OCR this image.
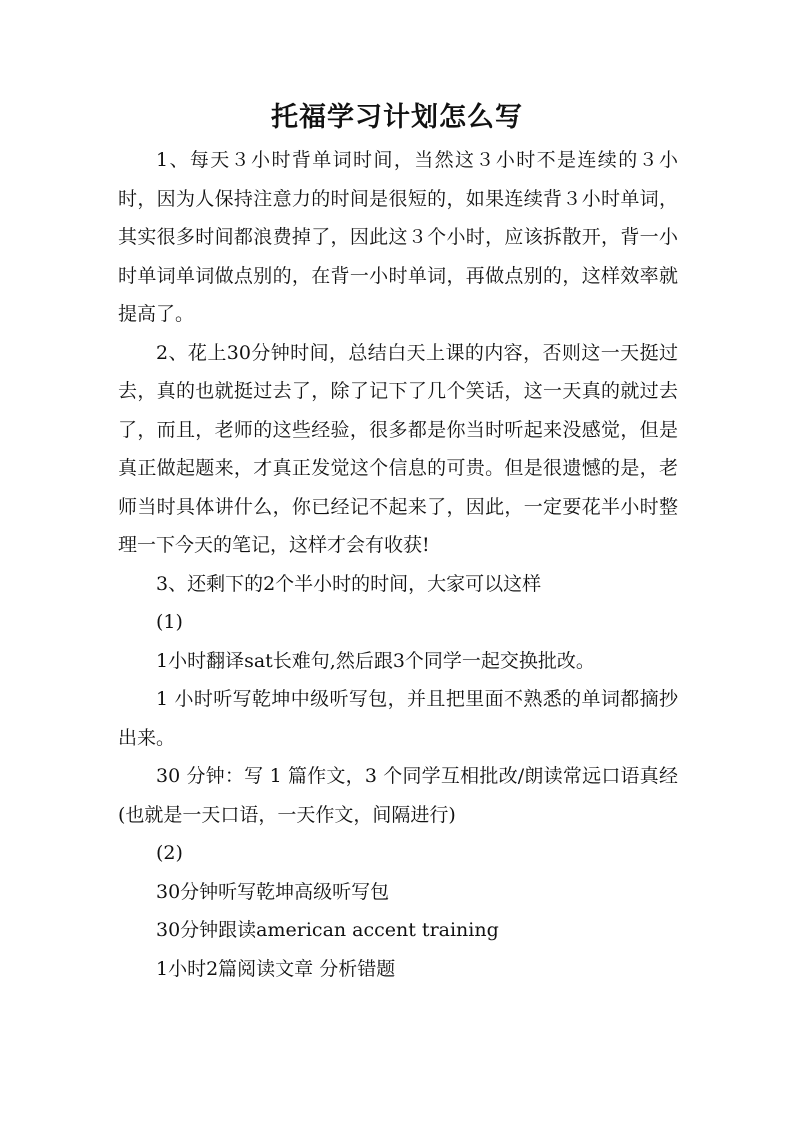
托福学习计划怎么写

1、每天３小时背单词时间，当然这３小时不是连续的３小时，因为人保持注意力的时间是很短的，如果连续背３小时单词，其实很多时间都浪费掉了，因此这３个小时，应该拆散开，背一小时单词单词做点别的，在背一小时单词，再做点别的，这样效率就提高了。

2、花上30分钟时间，总结白天上课的内容，否则这一天挺过去，真的也就挺过去了，除了记下了几个笑话，这一天真的就过去了，而且，老师的这些经验，很多都是你当时听起来没感觉，但是真正做起题来，才真正发觉这个信息的可贵。但是很遗憾的是，老师当时具体讲什么，你已经记不起来了，因此，一定要花半小时整理一下今天的笔记，这样才会有收获!

3、还剩下的2个半小时的时间，大家可以这样

(1)

1小时翻译sat长难句,然后跟3个同学一起交换批改。

1 小时听写乾坤中级听写包，并且把里面不熟悉的单词都摘抄出来。

30 分钟：写 1 篇作文，3 个同学互相批改/朗读常远口语真经(也就是一天口语，一天作文，间隔进行)

(2)

30分钟听写乾坤高级听写包

30分钟跟读american accent training

1小时2篇阅读文章 分析错题
